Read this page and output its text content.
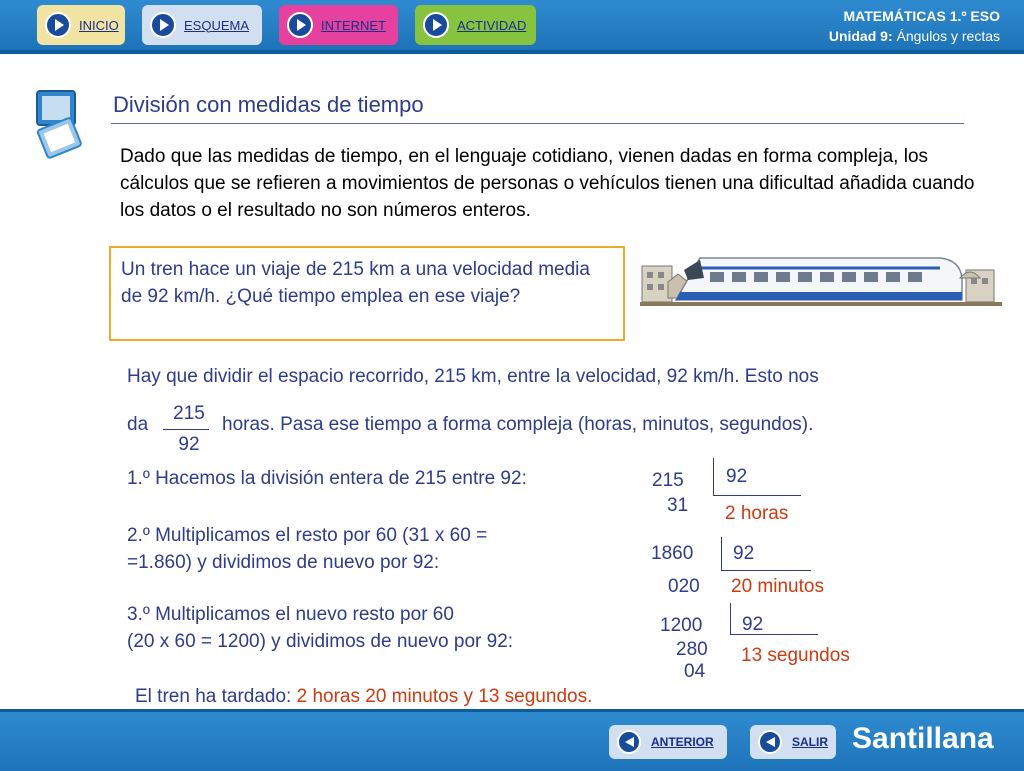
INICIO	ESQUEMA	INTERNET	ACTIVIDAD
MATEMÁTICAS 1.º ESO
Unidad 9: Ángulos y rectas
División con medidas de tiempo
Dado que las medidas de tiempo, en el lenguaje cotidiano, vienen dadas en forma compleja, los cálculos que se refieren a movimientos de personas o vehículos tienen una dificultad añadida cuando los datos o el resultado no son números enteros.
Un tren hace un viaje de 215 km a una velocidad media de 92 km/h. ¿Qué tiempo emplea en ese viaje?
Hay que dividir el espacio recorrido, 215 km, entre la velocidad, 92 km/h. Esto nos
da
215
92
horas. Pasa ese tiempo a forma compleja (horas, minutos, segundos).
1.º Hacemos la división entera de 215 entre 92:
2.º Multiplicamos el resto por 60 (31 x 60 =
=1.860) y dividimos de nuevo por 92:
3.º Multiplicamos el nuevo resto por 60
(20 x 60 = 1200) y dividimos de nuevo por 92:
215 92
31 2 horas
1860 92
020 20 minutos
1200 92
280
04
13 segundos
El tren ha tardado: 2 horas 20 minutos y 13 segundos.
ANTERIOR	SALIR Santillana
